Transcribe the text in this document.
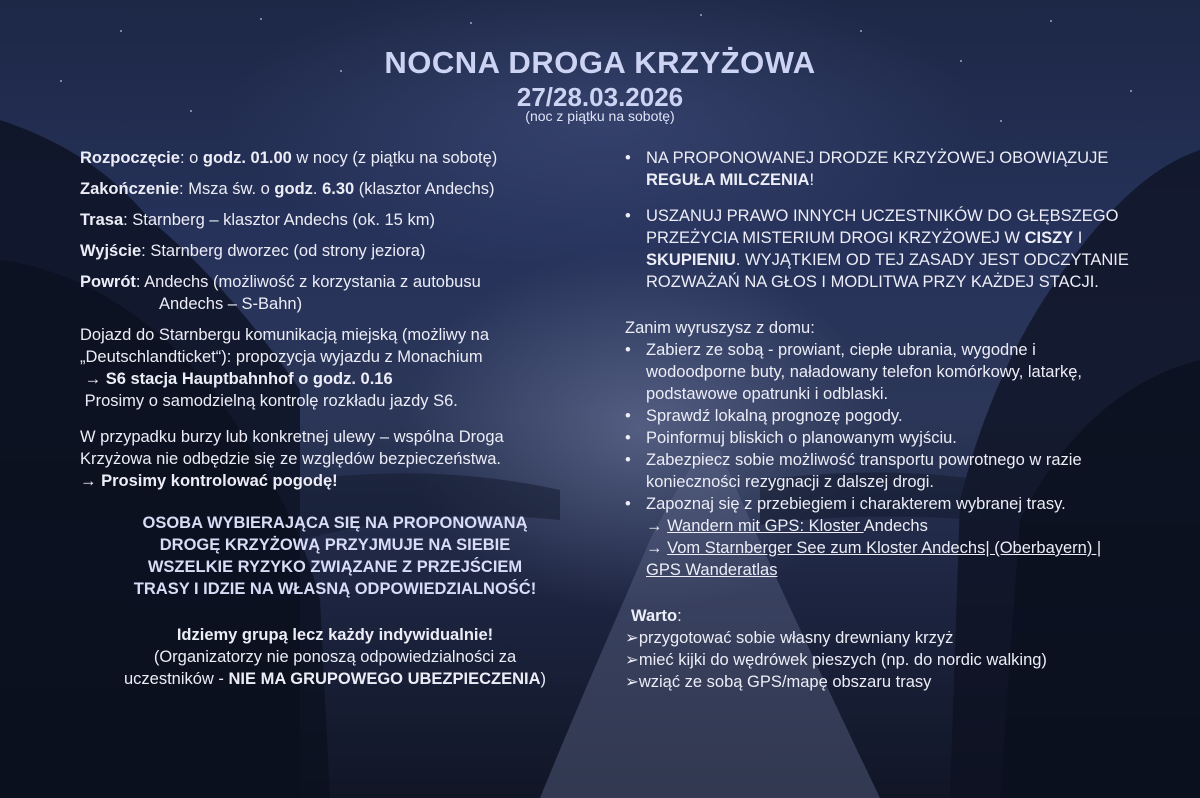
NOCNA DROGA KRZYŻOWA
27/28.03.2026
(noc z piątku na sobotę)
Rozpoczęcie: o godz. 01.00 w nocy (z piątku na sobotę)
Zakończenie: Msza św. o godz. 6.30 (klasztor Andechs)
Trasa: Starnberg – klasztor Andechs (ok. 15 km)
Wyjście: Starnberg dworzec (od strony jeziora)
Powrót: Andechs (możliwość z korzystania z autobusu
Andechs – S-Bahn)
Dojazd do Starnbergu komunikacją miejską (możliwy na
„Deutschlandticket“): propozycja wyjazdu z Monachium
→ S6 stacja Hauptbahnhof o godz. 0.16
Prosimy o samodzielną kontrolę rozkładu jazdy S6.
W przypadku burzy lub konkretnej ulewy – wspólna Droga
Krzyżowa nie odbędzie się ze względów bezpieczeństwa.
→ Prosimy kontrolować pogodę!
OSOBA WYBIERAJĄCA SIĘ NA PROPONOWANĄ
DROGĘ KRZYŻOWĄ PRZYJMUJE NA SIEBIE
WSZELKIE RYZYKO ZWIĄZANE Z PRZEJŚCIEM
TRASY I IDZIE NA WŁASNĄ ODPOWIEDZIALNOŚĆ!
Idziemy grupą lecz każdy indywidualnie!
(Organizatorzy nie ponoszą odpowiedzialności za
uczestników - NIE MA GRUPOWEGO UBEZPIECZENIA)
• NA PROPONOWANEJ DRODZE KRZYŻOWEJ OBOWIĄZUJE REGUŁA MILCZENIA!
• USZANUJ PRAWO INNYCH UCZESTNIKÓW DO GŁĘBSZEGO PRZEŻYCIA MISTERIUM DROGI KRZYŻOWEJ W CISZY I SKUPIENIU. WYJĄTKIEM OD TEJ ZASADY JEST ODCZYTANIE ROZWAŻAŃ NA GŁOS I MODLITWA PRZY KAŻDEJ STACJI.
Zanim wyruszysz z domu:
• Zabierz ze sobą - prowiant, ciepłe ubrania, wygodne i wodoodporne buty, naładowany telefon komórkowy, latarkę, podstawowe opatrunki i odblaski.
• Sprawdź lokalną prognozę pogody.
• Poinformuj bliskich o planowanym wyjściu.
• Zabezpiecz sobie możliwość transportu powrotnego w razie konieczności rezygnacji z dalszej drogi.
• Zapoznaj się z przebiegiem i charakterem wybranej trasy.
→ Wandern mit GPS: Kloster Andechs
→ Vom Starnberger See zum Kloster Andechs| (Oberbayern) | GPS Wanderatlas
Warto:
➢przygotować sobie własny drewniany krzyż
➢mieć kijki do wędrówek pieszych (np. do nordic walking)
➢wziąć ze sobą GPS/mapę obszaru trasy
